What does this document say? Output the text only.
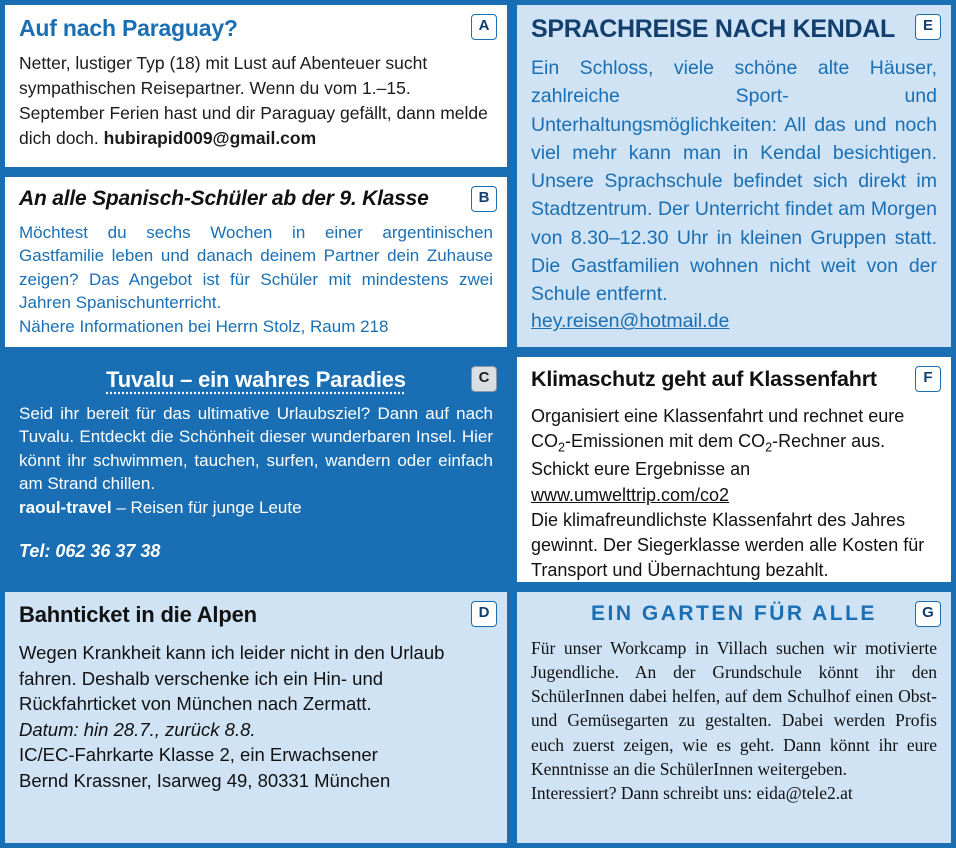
A
Auf nach Paraguay?

Netter, lustiger Typ (18) mit Lust auf Abenteuer sucht sympathischen Reisepartner. Wenn du vom 1.–15. September Ferien hast und dir Paraguay gefällt, dann melde dich doch. hubirapid009@gmail.com

B
An alle Spanisch-Schüler ab der 9. Klasse

Möchtest du sechs Wochen in einer argentinischen Gastfamilie leben und danach deinem Partner dein Zuhause zeigen? Das Angebot ist für Schüler mit mindestens zwei Jahren Spanischunterricht.

Nähere Informationen bei Herrn Stolz, Raum 218

C
Tuvalu – ein wahres Paradies

Seid ihr bereit für das ultimative Urlaubsziel? Dann auf nach Tuvalu. Entdeckt die Schönheit dieser wunderbaren Insel. Hier könnt ihr schwimmen, tauchen, surfen, wandern oder einfach am Strand chillen.
raoul-travel – Reisen für junge Leute

Tel: 062 36 37 38

D
Bahnticket in die Alpen

Wegen Krankheit kann ich leider nicht in den Urlaub fahren. Deshalb verschenke ich ein Hin- und Rückfahrticket von München nach Zermatt.

Datum: hin 28.7., zurück 8.8.

IC/EC-Fahrkarte Klasse 2, ein Erwachsener

Bernd Krassner, Isarweg 49, 80331 München

E
SPRACHREISE NACH KENDAL

Ein Schloss, viele schöne alte Häuser, zahlreiche Sport- und Unterhaltungsmöglichkeiten: All das und noch viel mehr kann man in Kendal besichtigen. Unsere Sprachschule befindet sich direkt im Stadtzentrum. Der Unterricht findet am Morgen von 8.30–12.30 Uhr in kleinen Gruppen statt. Die Gastfamilien wohnen nicht weit von der Schule entfernt.

hey.reisen@hotmail.de
F
Klimaschutz geht auf Klassenfahrt

Organisiert eine Klassenfahrt und rechnet eure $CO_2$-Emissionen mit dem $CO_2$-Rechner aus. Schickt eure Ergebnisse an
www.umwelttrip.com/co2
Die klimafreundlichste Klassenfahrt des Jahres gewinnt. Der Siegerklasse werden alle Kosten für Transport und Übernachtung bezahlt.

G
EIN GARTEN FÜR ALLE

Für unser Workcamp in Villach suchen wir motivierte Jugendliche. An der Grundschule könnt ihr den SchülerInnen dabei helfen, auf dem Schulhof einen Obst- und Gemüsegarten zu gestalten. Dabei werden Profis euch zuerst zeigen, wie es geht. Dann könnt ihr eure Kenntnisse an die SchülerInnen weitergeben.

Interessiert? Dann schreibt uns: eida@tele2.at
